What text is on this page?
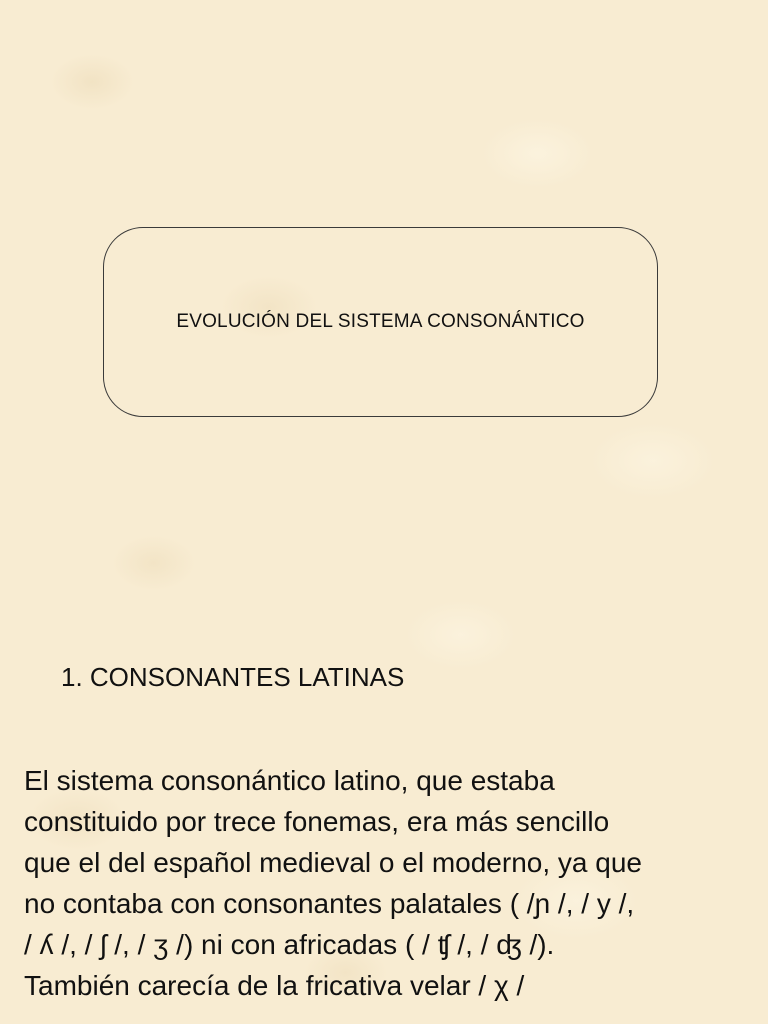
EVOLUCIÓN DEL SISTEMA CONSONÁNTICO
1. CONSONANTES LATINAS

El sistema consonántico latino, que estaba
constituido por trece fonemas, era más sencillo
que el del español medieval o el moderno, ya que
no contaba con consonantes palatales ( /ɲ /, / y /,
/ ʎ /, / ʃ /, / ʒ /) ni con africadas ( / ʧ /, / ʤ /).
También carecía de la fricativa velar / χ /
